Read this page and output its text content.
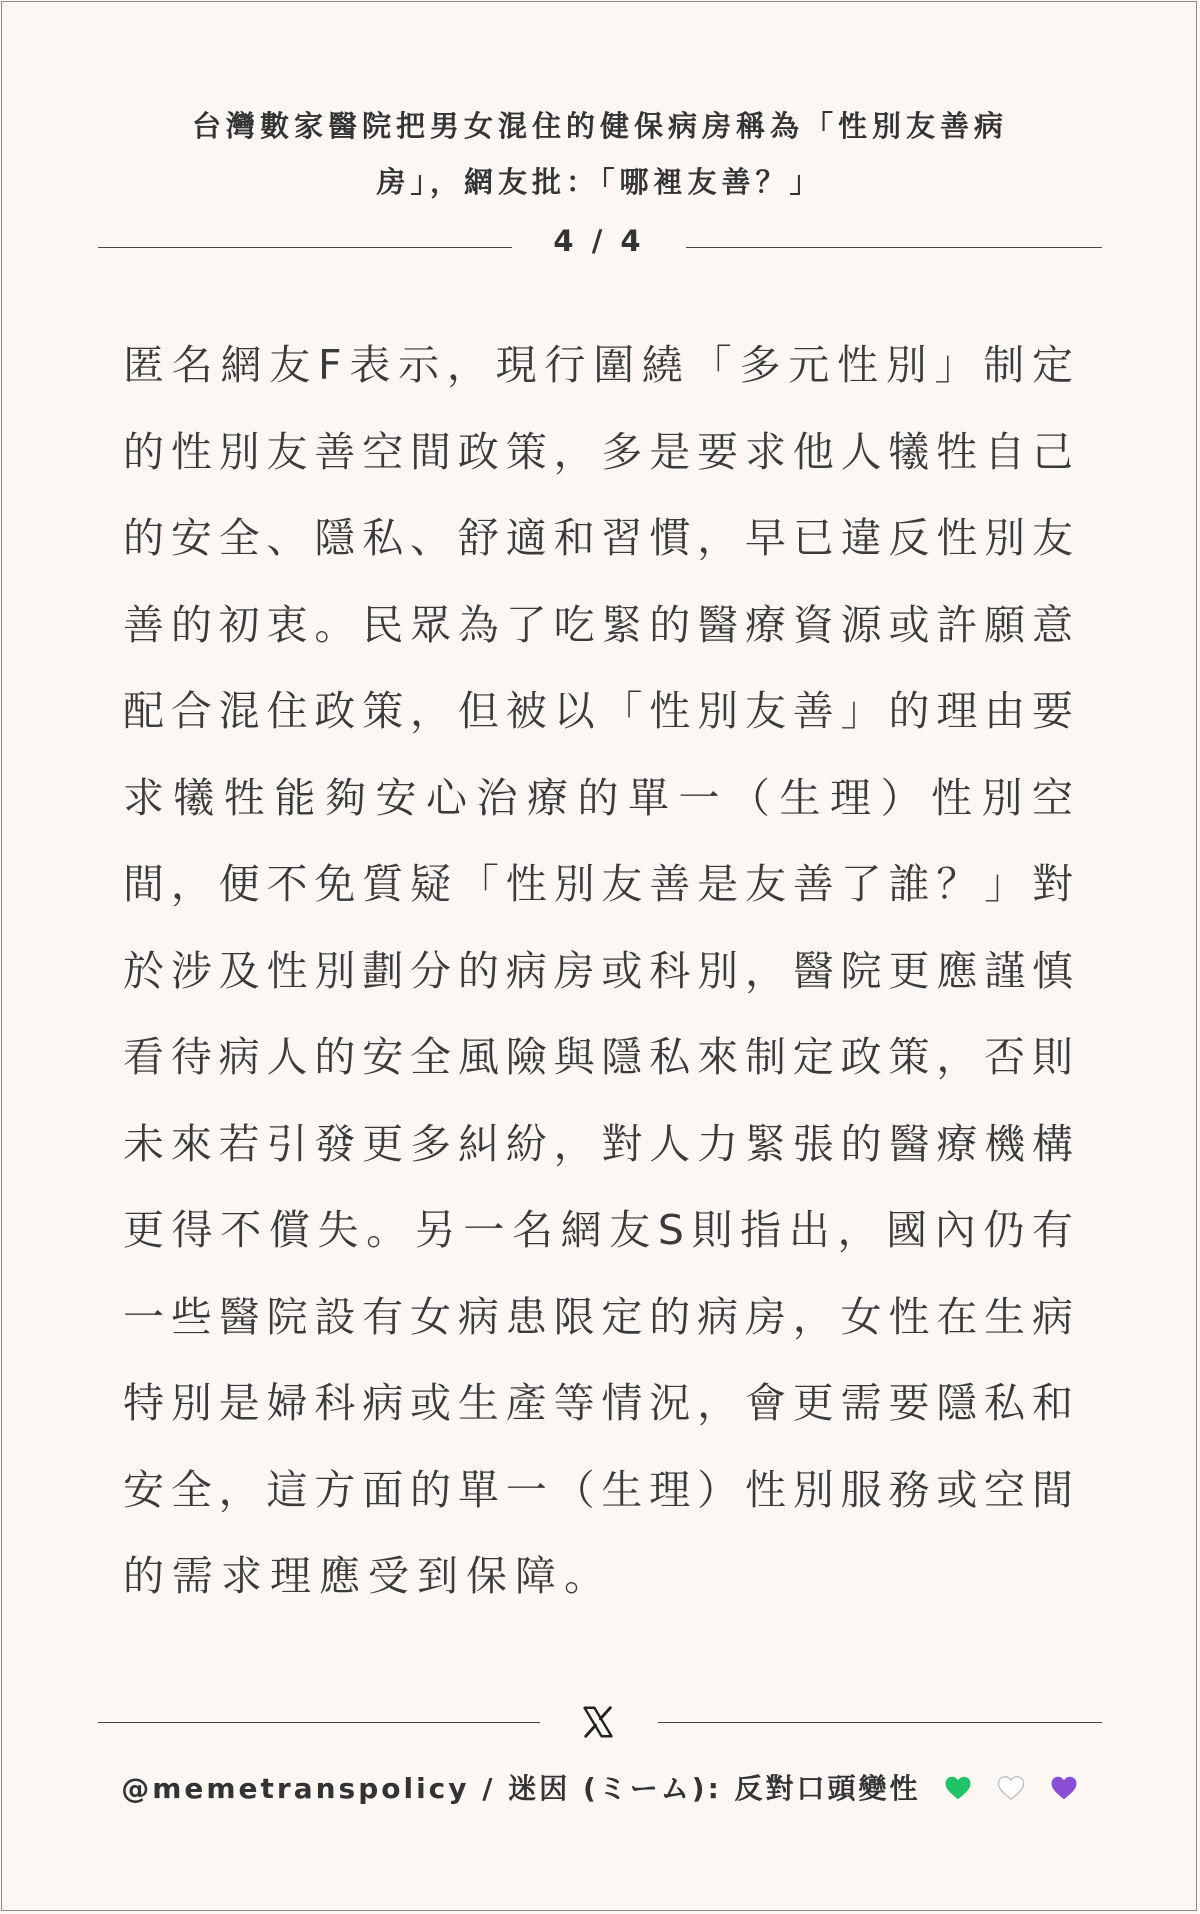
台灣數家醫院把男女混住的健保病房稱為「性別友善病
房」，網友批：「哪裡友善？」
4 / 4
匿名網友F表示，現行圍繞「多元性別」制定
的性別友善空間政策，多是要求他人犧牲自己
的安全、隱私、舒適和習慣，早已違反性別友
善的初衷。民眾為了吃緊的醫療資源或許願意
配合混住政策，但被以「性別友善」的理由要
求犧牲能夠安心治療的單一（生理）性別空
間，便不免質疑「性別友善是友善了誰？」對
於涉及性別劃分的病房或科別，醫院更應謹慎
看待病人的安全風險與隱私來制定政策，否則
未來若引發更多糾紛，對人力緊張的醫療機構
更得不償失。另一名網友S則指出，國內仍有
一些醫院設有女病患限定的病房，女性在生病
特別是婦科病或生產等情況，會更需要隱私和
安全，這方面的單一（生理）性別服務或空間
的需求理應受到保障。
@memetranspolicy / 迷因 (ミーム): 反對口頭變性
